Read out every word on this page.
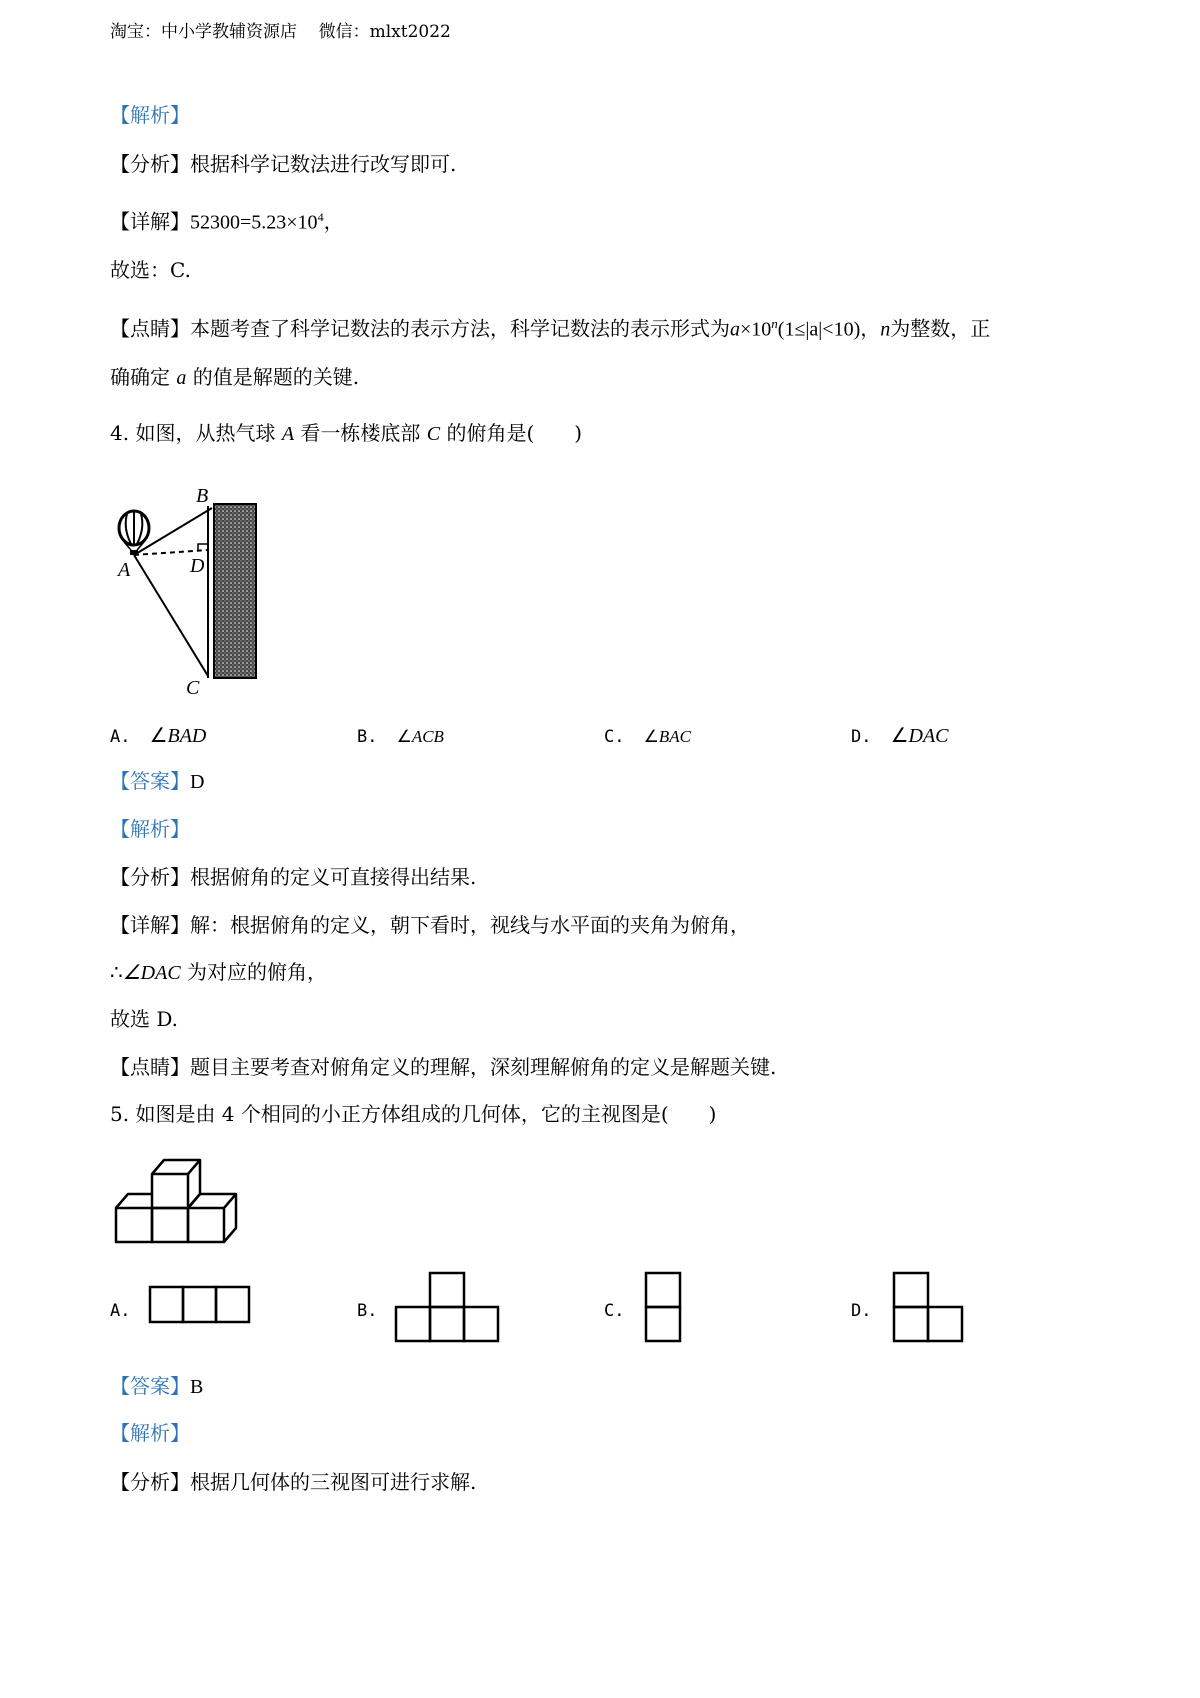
淘宝：中小学教辅资源店 微信：mlxt2022
【解析】
【分析】根据科学记数法进行改写即可.
【详解】$52300=5.23\times 10^4$，
故选：C.
【点睛】本题考查了科学记数法的表示方法，科学记数法的表示形式为$a\times 10^n(1\le|a|<10)$，n为整数，正
确确定 a 的值是解题的关键.
4. 如图，从热气球 A 看一栋楼底部 C 的俯角是(　　)
A
B
D
C
A. ∠BAD	B. ∠ACB	C. ∠BAC	D. ∠DAC
【答案】D
【解析】
【分析】根据俯角的定义可直接得出结果.
【详解】解：根据俯角的定义，朝下看时，视线与水平面的夹角为俯角，
∴∠DAC 为对应的俯角，
故选 D.
【点睛】题目主要考查对俯角定义的理解，深刻理解俯角的定义是解题关键.
5. 如图是由 4 个相同的小正方体组成的几何体，它的主视图是(　　)
A.	B.	C.	D.
【答案】B
【解析】
【分析】根据几何体的三视图可进行求解.
